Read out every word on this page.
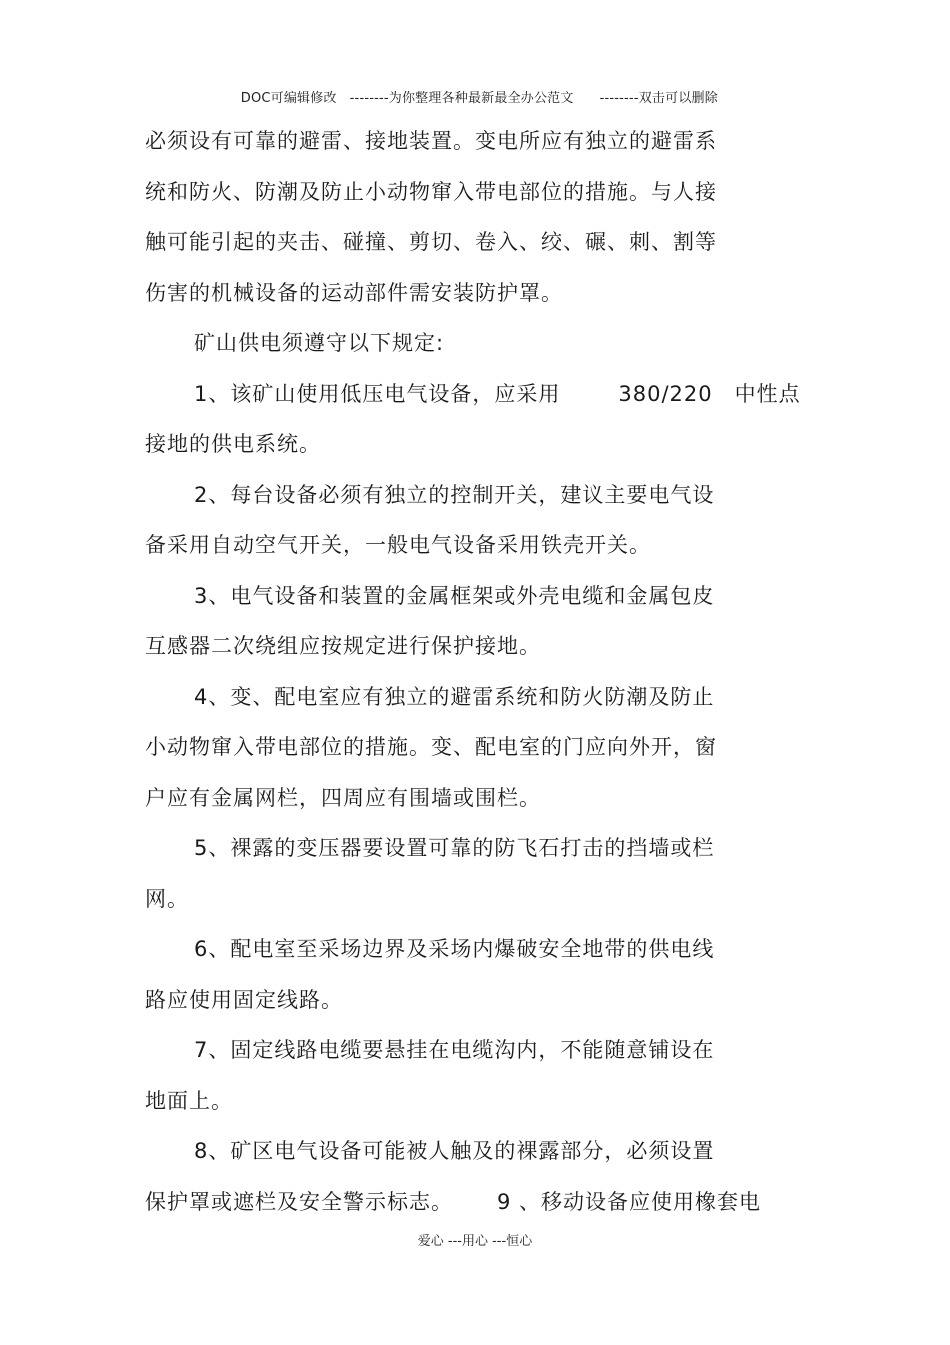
DOC可编辑修改 --------为你整理各种最新最全办公范文 --------双击可以删除

必须设有可靠的避雷、接地装置。变电所应有独立的避雷系
统和防火、防潮及防止小动物窜入带电部位的措施。与人接
触可能引起的夹击、碰撞、剪切、卷入、绞、碾、刺、割等
伤害的机械设备的运动部件需安装防护罩。
矿山供电须遵守以下规定:
1、该矿山使用低压电气设备，应采用	380/220 中性点
接地的供电系统。
2、每台设备必须有独立的控制开关，建议主要电气设
备采用自动空气开关，一般电气设备采用铁壳开关。
3、电气设备和装置的金属框架或外壳电缆和金属包皮
互感器二次绕组应按规定进行保护接地。
4、变、配电室应有独立的避雷系统和防火防潮及防止
小动物窜入带电部位的措施。变、配电室的门应向外开，窗
户应有金属网栏，四周应有围墙或围栏。
5、裸露的变压器要设置可靠的防飞石打击的挡墙或栏
网。
6、配电室至采场边界及采场内爆破安全地带的供电线
路应使用固定线路。
7、固定线路电缆要悬挂在电缆沟内，不能随意铺设在
地面上。
8、矿区电气设备可能被人触及的裸露部分，必须设置
保护罩或遮栏及安全警示标志。 9 、移动设备应使用橡套电
爱心 ---用心 ---恒心
